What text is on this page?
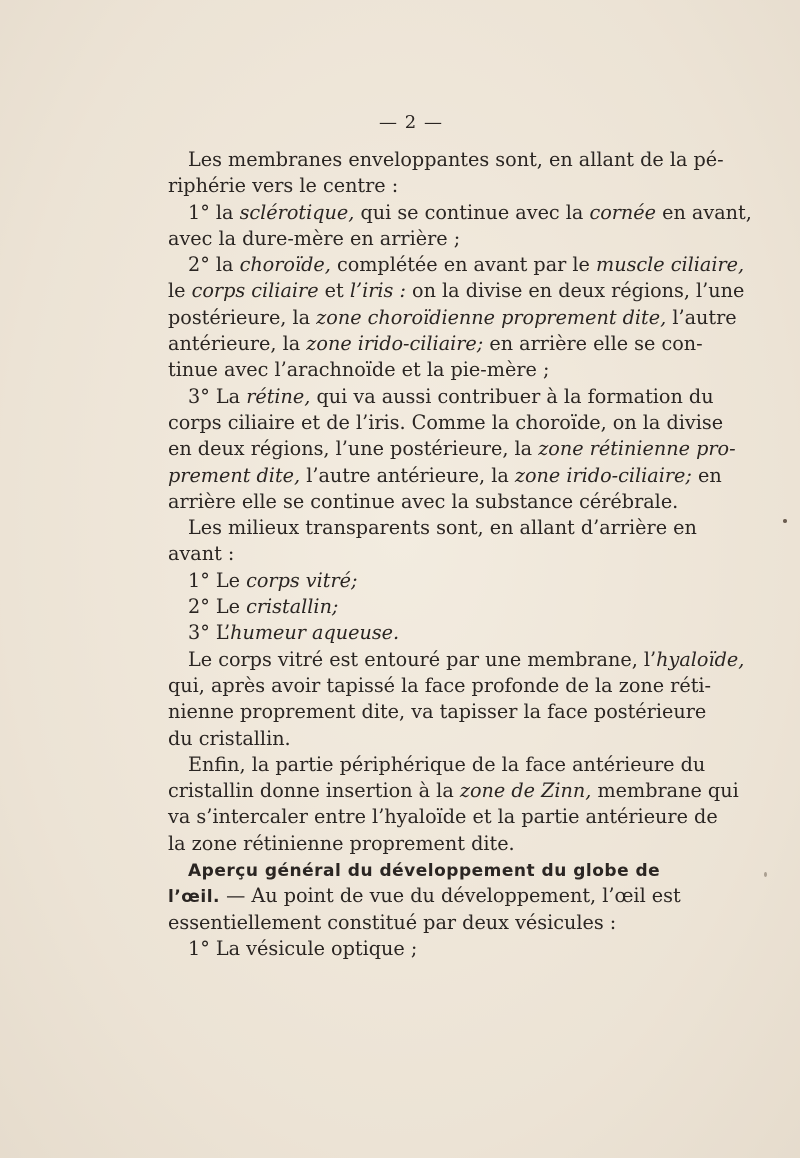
— 2 —

Les membranes enveloppantes sont, en allant de la pé-

riphérie vers le centre :

1° la sclérotique, qui se continue avec la cornée en avant,

avec la dure-mère en arrière ;

2° la choroïde, complétée en avant par le muscle ciliaire,

le corps ciliaire et l’iris : on la divise en deux régions, l’une

postérieure, la zone choroïdienne proprement dite, l’autre

antérieure, la zone irido-ciliaire; en arrière elle se con-

tinue avec l’arachnoïde et la pie-mère ;

3° La rétine, qui va aussi contribuer à la formation du

corps ciliaire et de l’iris. Comme la choroïde, on la divise

en deux régions, l’une postérieure, la zone rétinienne pro-

prement dite, l’autre antérieure, la zone irido-ciliaire; en

arrière elle se continue avec la substance cérébrale.

Les milieux transparents sont, en allant d’arrière en

avant :

1° Le corps vitré;

2° Le cristallin;

3° L’humeur aqueuse.

Le corps vitré est entouré par une membrane, l’hyaloïde,

qui, après avoir tapissé la face profonde de la zone réti-

nienne proprement dite, va tapisser la face postérieure

du cristallin.

Enfin, la partie périphérique de la face antérieure du

cristallin donne insertion à la zone de Zinn, membrane qui

va s’intercaler entre l’hyaloïde et la partie antérieure de

la zone rétinienne proprement dite.

Aperçu général du développement du globe de

l’œil. — Au point de vue du développement, l’œil est

essentiellement constitué par deux vésicules :

1° La vésicule optique ;
